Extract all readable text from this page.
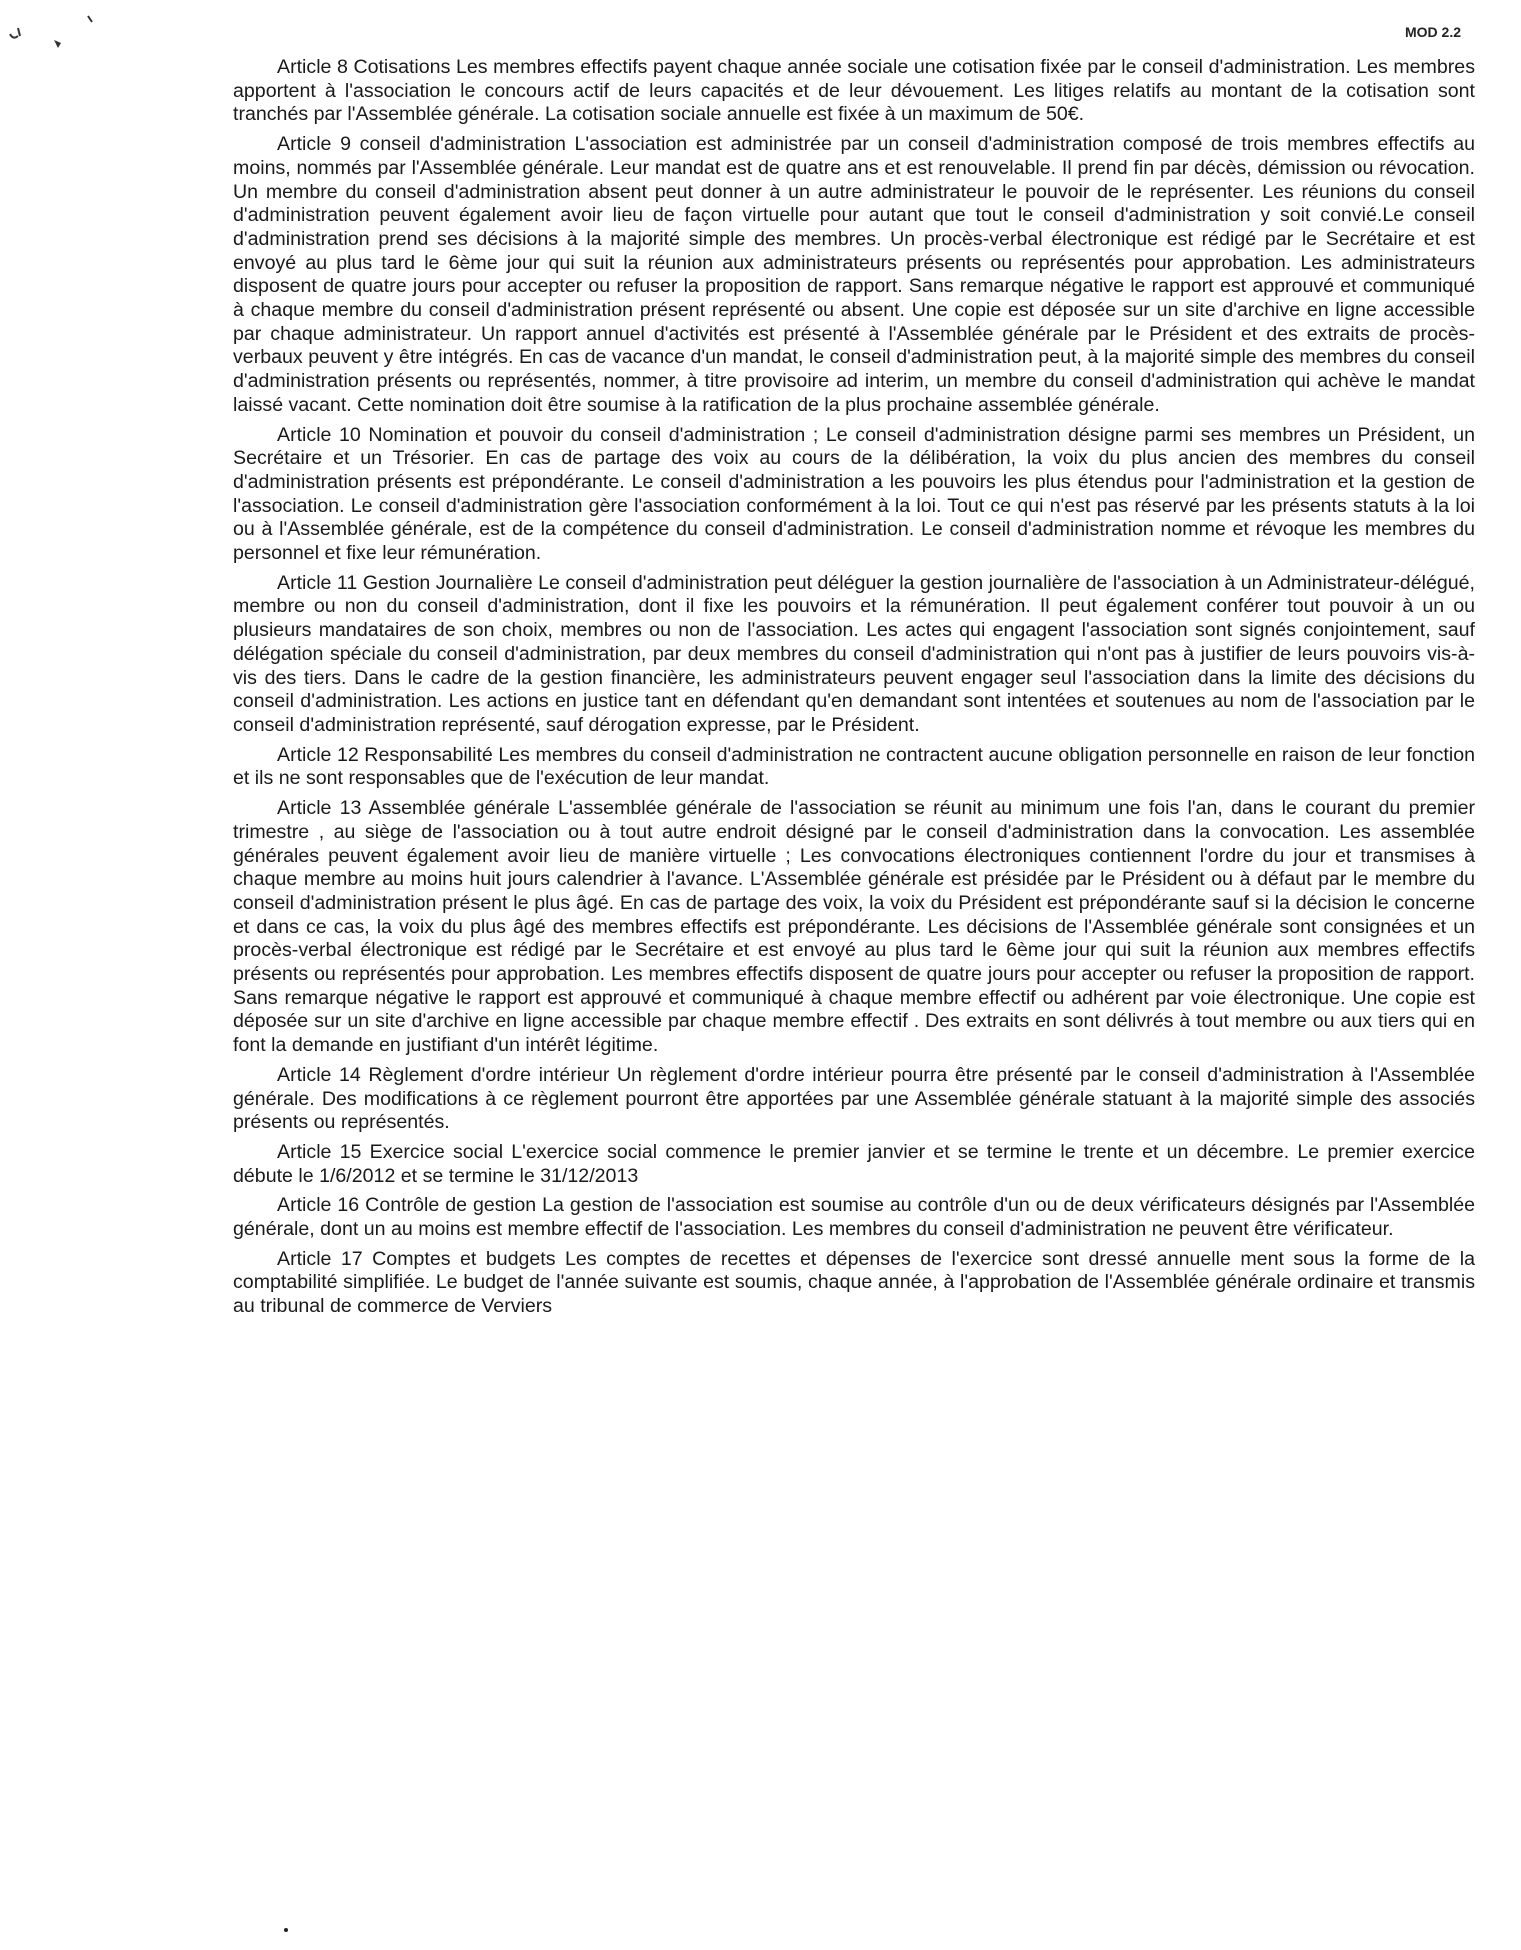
MOD 2.2

Article 8 Cotisations Les membres effectifs payent chaque année sociale une cotisation fixée par le conseil d'administration. Les membres apportent à l'association le concours actif de leurs capacités et de leur dévouement. Les litiges relatifs au montant de la cotisation sont tranchés par l'Assemblée générale. La cotisation sociale annuelle est fixée à un maximum de 50€.

Article 9 conseil d'administration L'association est administrée par un conseil d'administration composé de trois membres effectifs au moins, nommés par l'Assemblée générale. Leur mandat est de quatre ans et est renouvelable. Il prend fin par décès, démission ou révocation. Un membre du conseil d'administration absent peut donner à un autre administrateur le pouvoir de le représenter. Les réunions du conseil d'administration peuvent également avoir lieu de façon virtuelle pour autant que tout le conseil d'administration y soit convié.Le conseil d'administration prend ses décisions à la majorité simple des membres. Un procès-verbal électronique est rédigé par le Secrétaire et est envoyé au plus tard le 6ème jour qui suit la réunion aux administrateurs présents ou représentés pour approbation. Les administrateurs disposent de quatre jours pour accepter ou refuser la proposition de rapport. Sans remarque négative le rapport est approuvé et communiqué à chaque membre du conseil d'administration présent représenté ou absent. Une copie est déposée sur un site d'archive en ligne accessible par chaque administrateur. Un rapport annuel d'activités est présenté à l'Assemblée générale par le Président et des extraits de procès-verbaux peuvent y être intégrés. En cas de vacance d'un mandat, le conseil d'administration peut, à la majorité simple des membres du conseil d'administration présents ou représentés, nommer, à titre provisoire ad interim, un membre du conseil d'administration qui achève le mandat laissé vacant. Cette nomination doit être soumise à la ratification de la plus prochaine assemblée générale.

Article 10 Nomination et pouvoir du conseil d'administration ; Le conseil d'administration désigne parmi ses membres un Président, un Secrétaire et un Trésorier. En cas de partage des voix au cours de la délibération, la voix du plus ancien des membres du conseil d'administration présents est prépondérante. Le conseil d'administration a les pouvoirs les plus étendus pour l'administration et la gestion de l'association. Le conseil d'administration gère l'association conformément à la loi. Tout ce qui n'est pas réservé par les présents statuts à la loi ou à l'Assemblée générale, est de la compétence du conseil d'administration. Le conseil d'administration nomme et révoque les membres du personnel et fixe leur rémunération.

Article 11 Gestion Journalière Le conseil d'administration peut déléguer la gestion journalière de l'association à un Administrateur-délégué, membre ou non du conseil d'administration, dont il fixe les pouvoirs et la rémunération. Il peut également conférer tout pouvoir à un ou plusieurs mandataires de son choix, membres ou non de l'association. Les actes qui engagent l'association sont signés conjointement, sauf délégation spéciale du conseil d'administration, par deux membres du conseil d'administration qui n'ont pas à justifier de leurs pouvoirs vis-à-vis des tiers. Dans le cadre de la gestion financière, les administrateurs peuvent engager seul l'association dans la limite des décisions du conseil d'administration. Les actions en justice tant en défendant qu'en demandant sont intentées et soutenues au nom de l'association par le conseil d'administration représenté, sauf dérogation expresse, par le Président.

Article 12 Responsabilité Les membres du conseil d'administration ne contractent aucune obligation personnelle en raison de leur fonction et ils ne sont responsables que de l'exécution de leur mandat.

Article 13 Assemblée générale L'assemblée générale de l'association se réunit au minimum une fois l'an, dans le courant du premier trimestre , au siège de l'association ou à tout autre endroit désigné par le conseil d'administration dans la convocation. Les assemblée générales peuvent également avoir lieu de manière virtuelle ; Les convocations électroniques contiennent l'ordre du jour et transmises à chaque membre au moins huit jours calendrier à l'avance. L'Assemblée générale est présidée par le Président ou à défaut par le membre du conseil d'administration présent le plus âgé. En cas de partage des voix, la voix du Président est prépondérante sauf si la décision le concerne et dans ce cas, la voix du plus âgé des membres effectifs est prépondérante. Les décisions de l'Assemblée générale sont consignées et un procès-verbal électronique est rédigé par le Secrétaire et est envoyé au plus tard le 6ème jour qui suit la réunion aux membres effectifs présents ou représentés pour approbation. Les membres effectifs disposent de quatre jours pour accepter ou refuser la proposition de rapport. Sans remarque négative le rapport est approuvé et communiqué à chaque membre effectif ou adhérent par voie électronique. Une copie est déposée sur un site d'archive en ligne accessible par chaque membre effectif . Des extraits en sont délivrés à tout membre ou aux tiers qui en font la demande en justifiant d'un intérêt légitime.

Article 14 Règlement d'ordre intérieur Un règlement d'ordre intérieur pourra être présenté par le conseil d'administration à l'Assemblée générale. Des modifications à ce règlement pourront être apportées par une Assemblée générale statuant à la majorité simple des associés présents ou représentés.

Article 15 Exercice social L'exercice social commence le premier janvier et se termine le trente et un décembre. Le premier exercice débute le 1/6/2012 et se termine le 31/12/2013

Article 16 Contrôle de gestion La gestion de l'association est soumise au contrôle d'un ou de deux vérificateurs désignés par l'Assemblée générale, dont un au moins est membre effectif de l'association. Les membres du conseil d'administration ne peuvent être vérificateur.

Article 17 Comptes et budgets Les comptes de recettes et dépenses de l'exercice sont dressé annuelle ment sous la forme de la comptabilité simplifiée. Le budget de l'année suivante est soumis, chaque année, à l'approbation de l'Assemblée générale ordinaire et transmis au tribunal de commerce de Verviers
